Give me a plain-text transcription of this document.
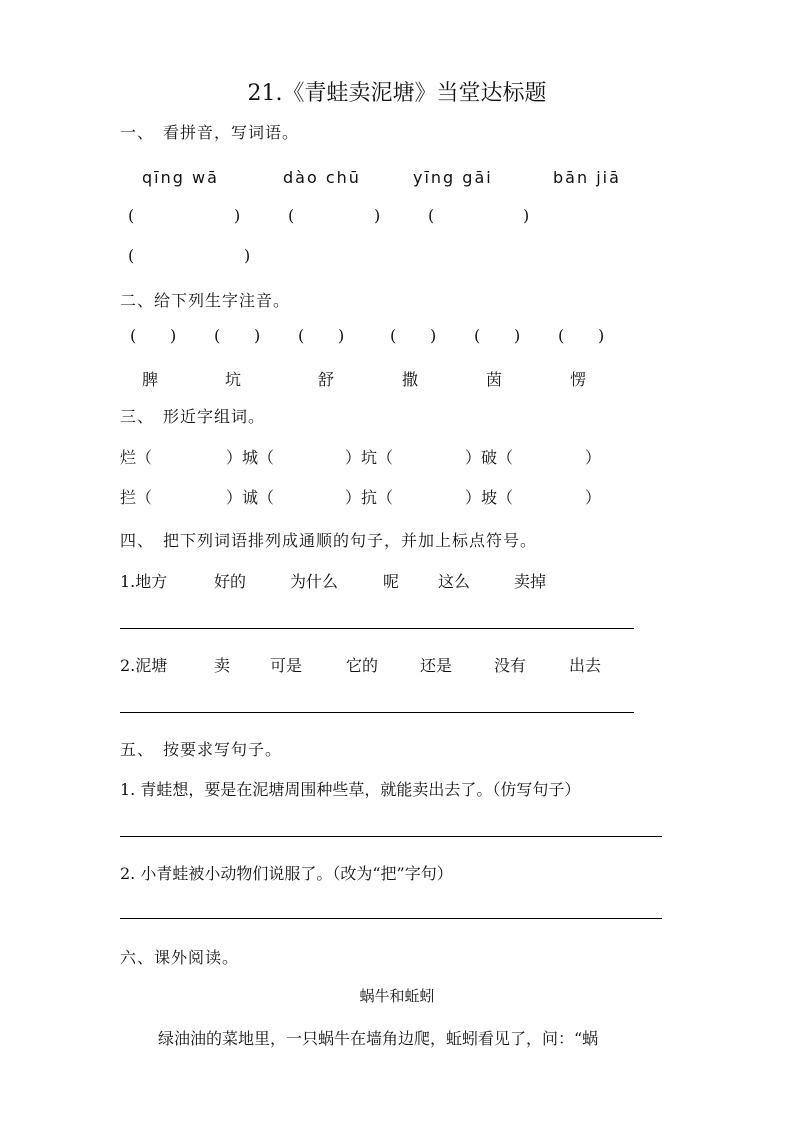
21.《青蛙卖泥塘》当堂达标题
一、　看拼音，写词语。
qīng wā	dào chū	yīng gāi	bān jiā
(	)	(	)	(	)
(	)
二、给下列生字注音。
( ) ( ) ( )	( ) ( ) ( )
脾	坑	舒	撒	茵	愣
三、　形近字组词。
烂（	）城（	）坑（	）破（	）
拦（	）诚（	）抗（	）坡（	）
四、　把下列词语排列成通顺的句子，并加上标点符号。
1.地方	好的	为什么	呢 这么	卖掉
2.泥塘	卖 可是	它的	还是	没有	出去
五、　按要求写句子。
1. 青蛙想，要是在泥塘周围种些草，就能卖出去了。（仿写句子）
2. 小青蛙被小动物们说服了。（改为“把”字句）
六、课外阅读。
蜗牛和蚯蚓
绿油油的菜地里，一只蜗牛在墙角边爬，蚯蚓看见了，问：“蜗
